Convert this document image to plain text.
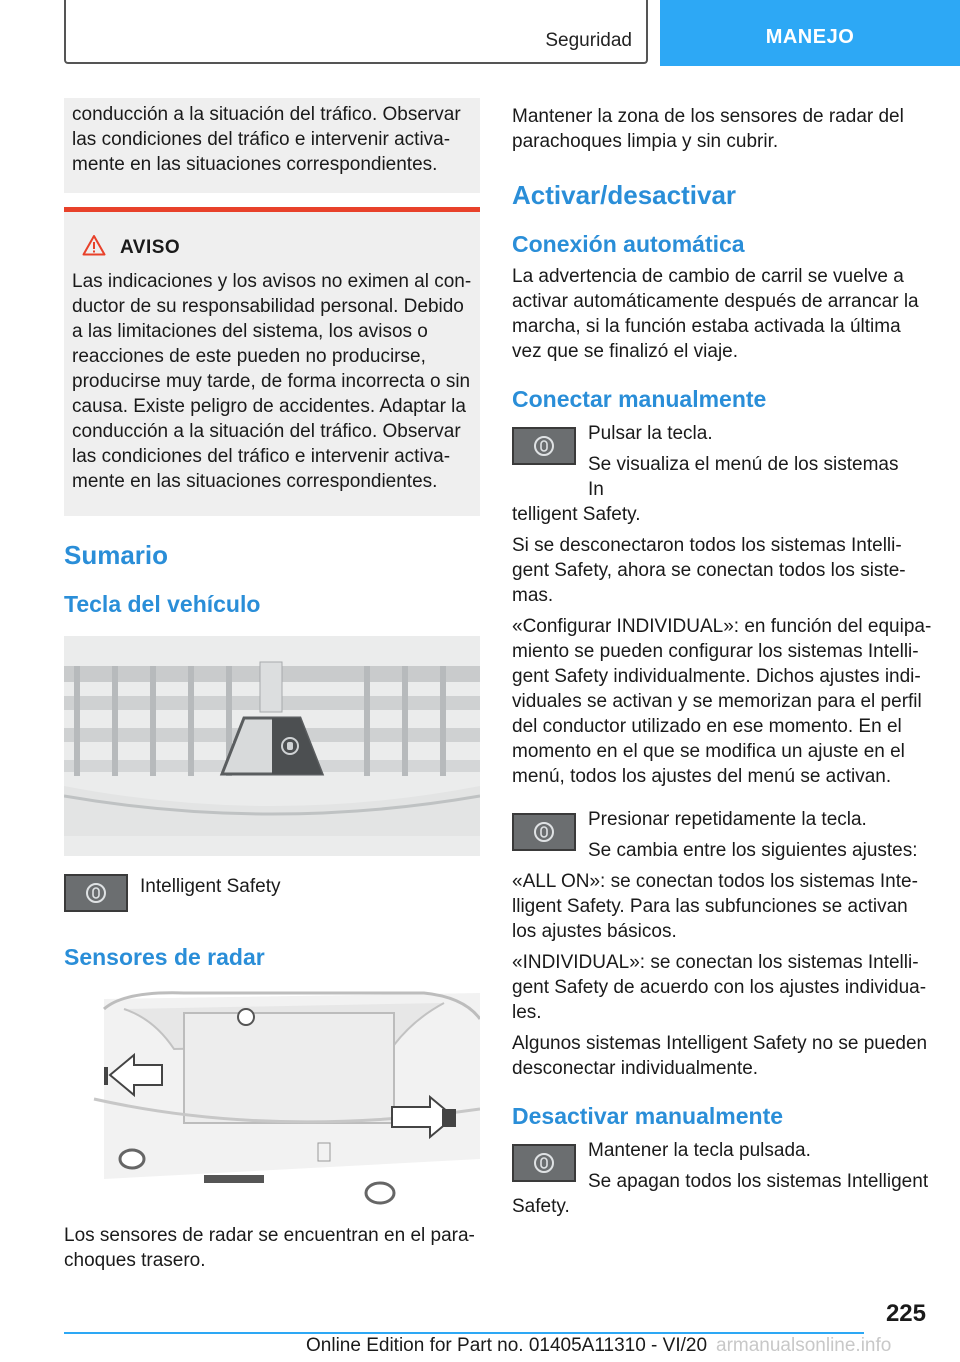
Seguridad	MANEJO

conducción a la situación del tráfico. Observar las condiciones del tráfico e intervenir activamente en las situaciones correspondientes.

AVISO

Las indicaciones y los avisos no eximen al conductor de su responsabilidad personal. Debido a las limitaciones del sistema, los avisos o reacciones de este pueden no producirse, producirse muy tarde, de forma incorrecta o sin causa. Existe peligro de accidentes. Adaptar la conducción a la situación del tráfico. Observar las condiciones del tráfico e intervenir activamente en las situaciones correspondientes.

Sumario
Tecla del vehículo

Intelligent Safety

Sensores de radar

Los sensores de radar se encuentran en el parachoques trasero.

Mantener la zona de los sensores de radar del parachoques limpia y sin cubrir.

Activar/desactivar
Conexión automática

La advertencia de cambio de carril se vuelve a activar automáticamente después de arrancar la marcha, si la función estaba activada la última vez que se finalizó el viaje.

Conectar manualmente

Pulsar la tecla.

Se visualiza el menú de los sistemas In

telligent Safety.

Si se desconectaron todos los sistemas Intelligent Safety, ahora se conectan todos los sistemas.

«Configurar INDIVIDUAL»: en función del equipamiento se pueden configurar los sistemas Intelligent Safety individualmente. Dichos ajustes individuales se activan y se memorizan para el perfil del conductor utilizado en ese momento. En el momento en el que se modifica un ajuste en el menú, todos los ajustes del menú se activan.

Presionar repetidamente la tecla.

Se cambia entre los siguientes ajustes:

«ALL ON»: se conectan todos los sistemas Intelligent Safety. Para las subfunciones se activan los ajustes básicos.

«INDIVIDUAL»: se conectan los sistemas Intelligent Safety de acuerdo con los ajustes individuales.

Algunos sistemas Intelligent Safety no se pueden desconectar individualmente.

Desactivar manualmente

Mantener la tecla pulsada.

Se apagan todos los sistemas Intelligent

Safety.

225
Online Edition for Part no. 01405A11310 - VI/20 armanualsonline.info
